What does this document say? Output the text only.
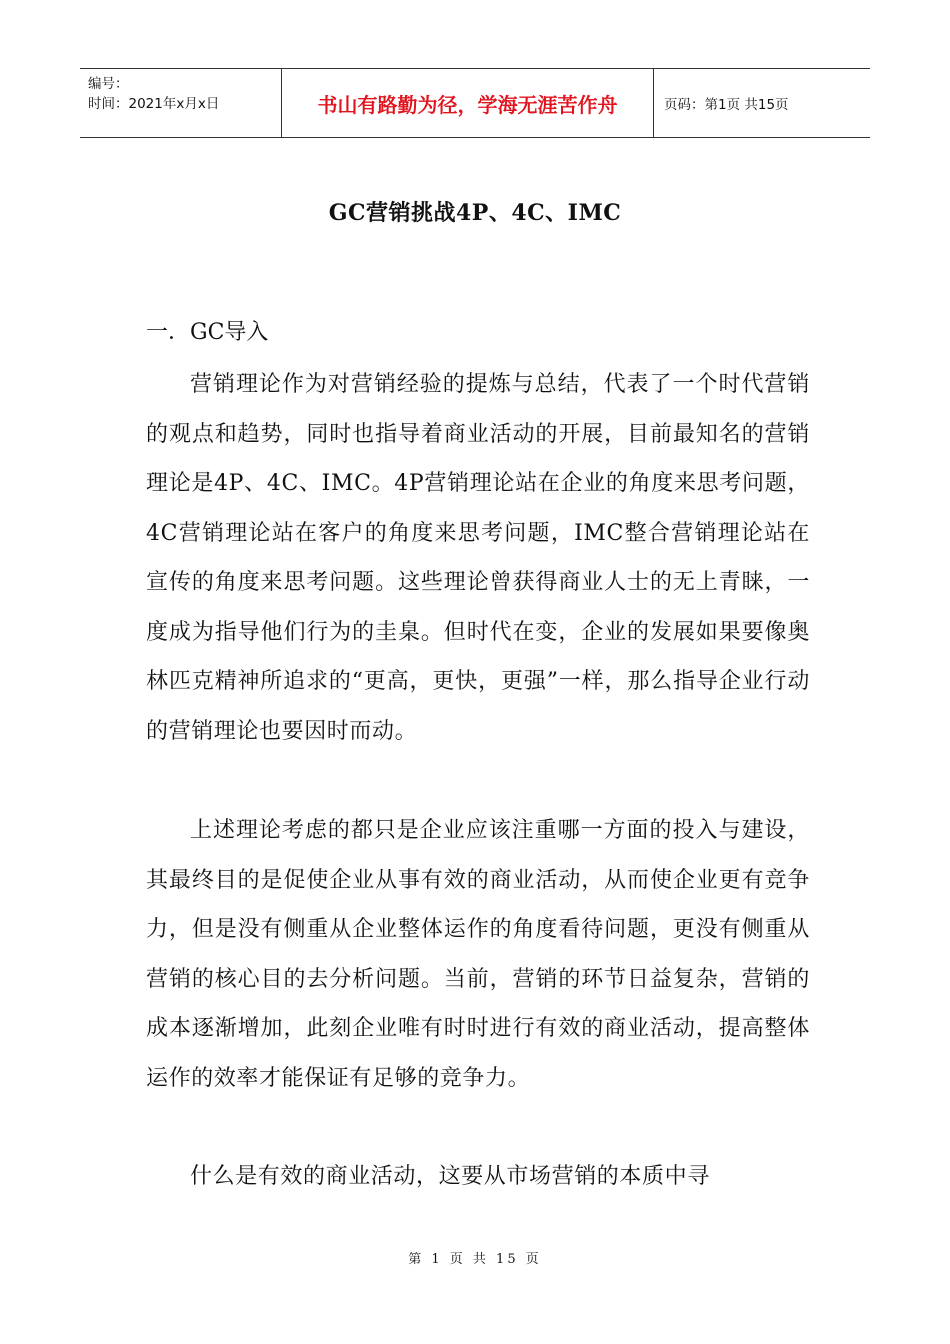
编号：
时间：2021年x月x日	书山有路勤为径，学海无涯苦作舟	页码：第1页 共15页
GC营销挑战4P、4C、IMC
一．GC导入

营销理论作为对营销经验的提炼与总结，代表了一个时代营销的观点和趋势，同时也指导着商业活动的开展，目前最知名的营销理论是4P、4C、IMC。4P营销理论站在企业的角度来思考问题，4C营销理论站在客户的角度来思考问题，IMC整合营销理论站在宣传的角度来思考问题。这些理论曾获得商业人士的无上青睐，一度成为指导他们行为的圭臬。但时代在变，企业的发展如果要像奥林匹克精神所追求的“更高，更快，更强”一样，那么指导企业行动的营销理论也要因时而动。

上述理论考虑的都只是企业应该注重哪一方面的投入与建设，其最终目的是促使企业从事有效的商业活动，从而使企业更有竞争力，但是没有侧重从企业整体运作的角度看待问题，更没有侧重从营销的核心目的去分析问题。当前，营销的环节日益复杂，营销的成本逐渐增加，此刻企业唯有时时进行有效的商业活动，提高整体运作的效率才能保证有足够的竞争力。

什么是有效的商业活动，这要从市场营销的本质中寻

第 1 页 共 15 页
